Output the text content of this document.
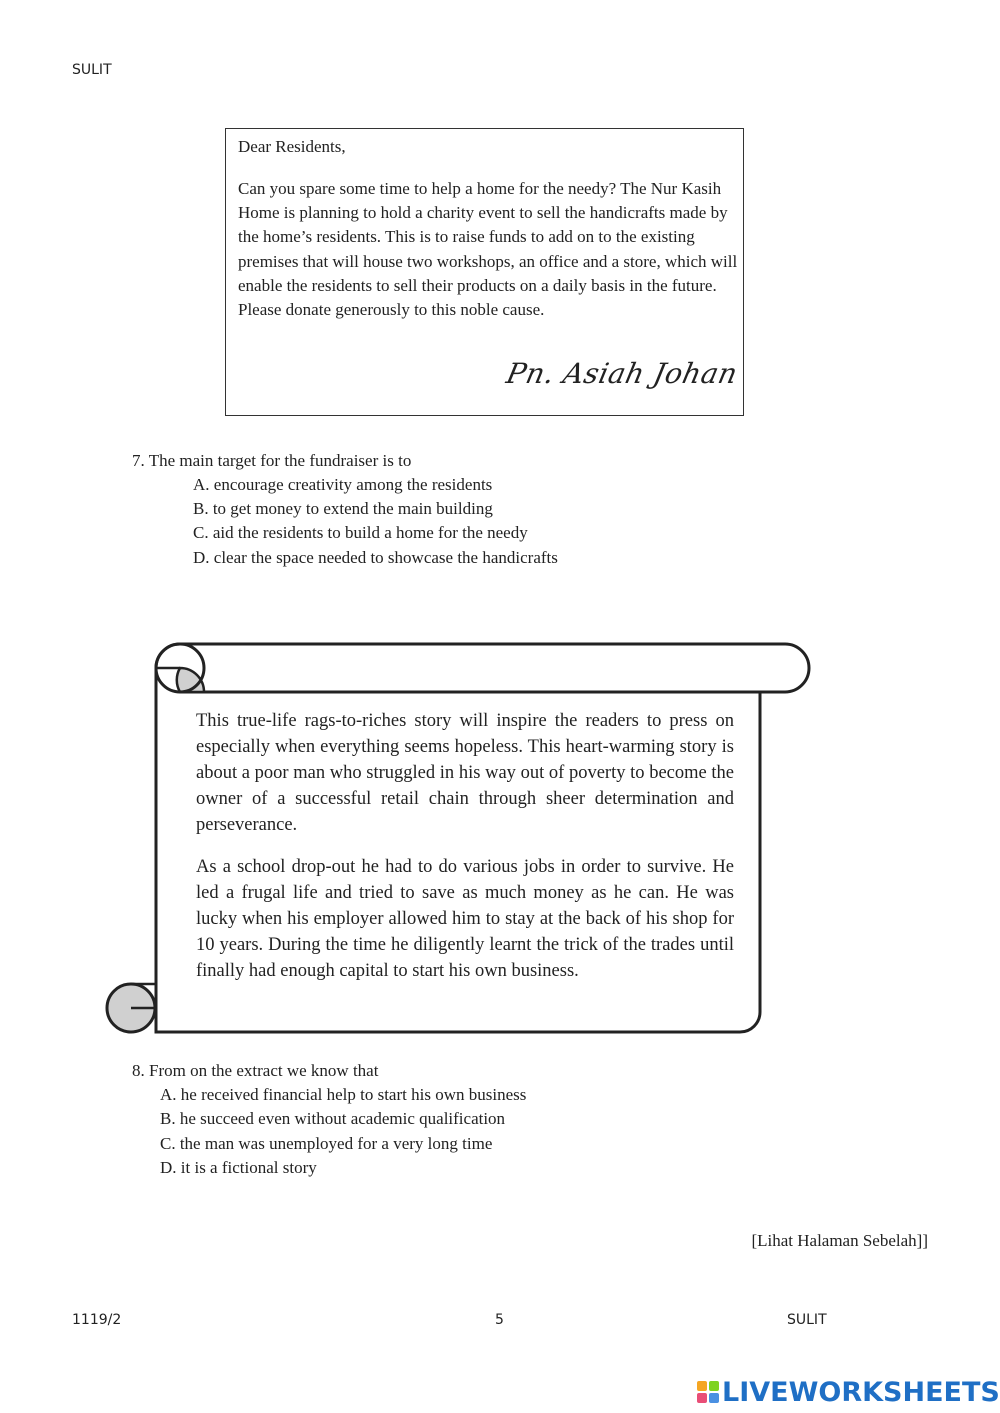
SULIT
Dear Residents,
Can you spare some time to help a home for the needy? The Nur Kasih Home is planning to hold a charity event to sell the handicrafts made by the home’s residents. This is to raise funds to add on to the existing premises that will house two workshops, an office and a store, which will enable the residents to sell their products on a daily basis in the future. Please donate generously to this noble cause.
Pn. Asiah Johan
7. The main target for the fundraiser is to
A. encourage creativity among the residents
B. to get money to extend the main building
C. aid the residents to build a home for the needy
D. clear the space needed to showcase the handicrafts

This true-life rags-to-riches story will inspire the readers to press on especially when everything seems hopeless. This heart-warming story is about a poor man who struggled in his way out of poverty to become the owner of a successful retail chain through sheer determination and perseverance.

As a school drop-out he had to do various jobs in order to survive. He led a frugal life and tried to save as much money as he can. He was lucky when his employer allowed him to stay at the back of his shop for 10 years. During the time he diligently learnt the trick of the trades until finally had enough capital to start his own business.

8. From on the extract we know that
A. he received financial help to start his own business
B. he succeed even without academic qualification
C. the man was unemployed for a very long time
D. it is a fictional story
[Lihat Halaman Sebelah]]
1119/2	5	SULIT
LIVEWORKSHEETS
